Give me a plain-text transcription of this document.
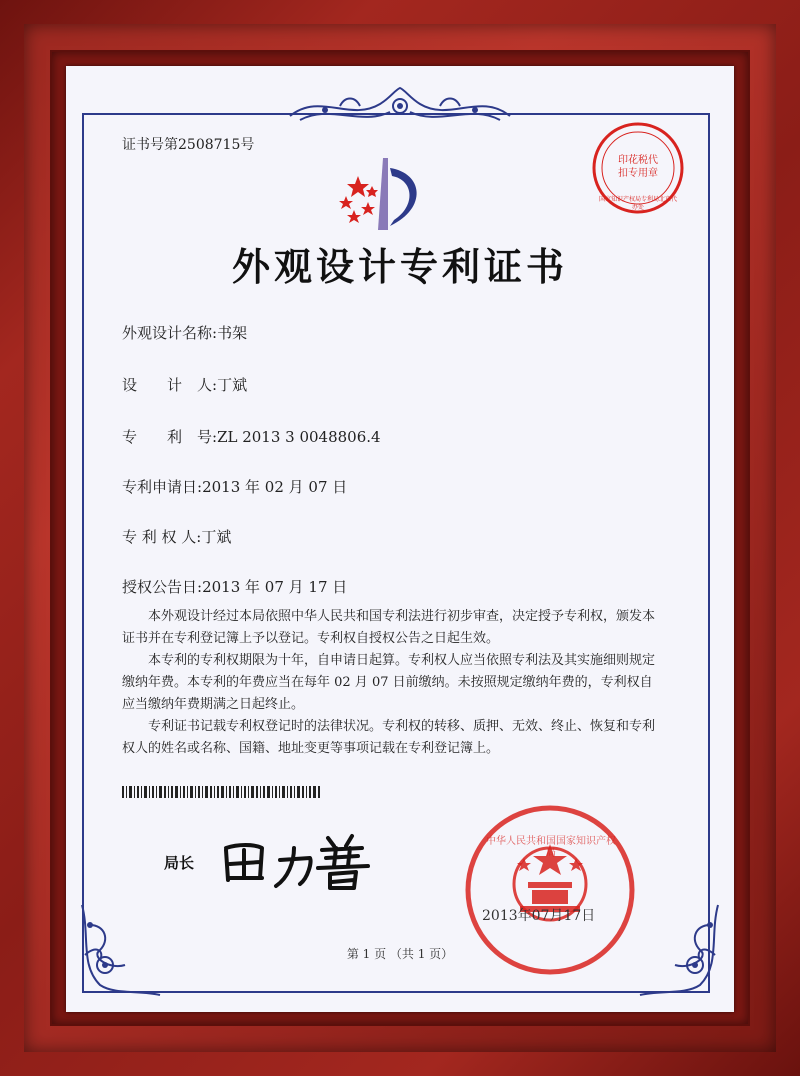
证书号第2508715号
印花税代扣专用章
国家知识产权局专利局北京代办处
外观设计专利证书
外观设计名称:书架
设　　计　人:丁斌
专　　利　号:ZL 2013 3 0048806.4
专利申请日:2013 年 02 月 07 日
专 利 权 人:丁斌
授权公告日:2013 年 07 月 17 日
　　本外观设计经过本局依照中华人民共和国专利法进行初步审查，决定授予专利权，颁发本证书并在专利登记簿上予以登记。专利权自授权公告之日起生效。
　　本专利的专利权期限为十年，自申请日起算。专利权人应当依照专利法及其实施细则规定缴纳年费。本专利的年费应当在每年 02 月 07 日前缴纳。未按照规定缴纳年费的，专利权自应当缴纳年费期满之日起终止。
　　专利证书记载专利权登记时的法律状况。专利权的转移、质押、无效、终止、恢复和专利权人的姓名或名称、国籍、地址变更等事项记载在专利登记簿上。
局长
中华人民共和国国家知识产权局
2013年07月17日
第 1 页 （共 1 页）
